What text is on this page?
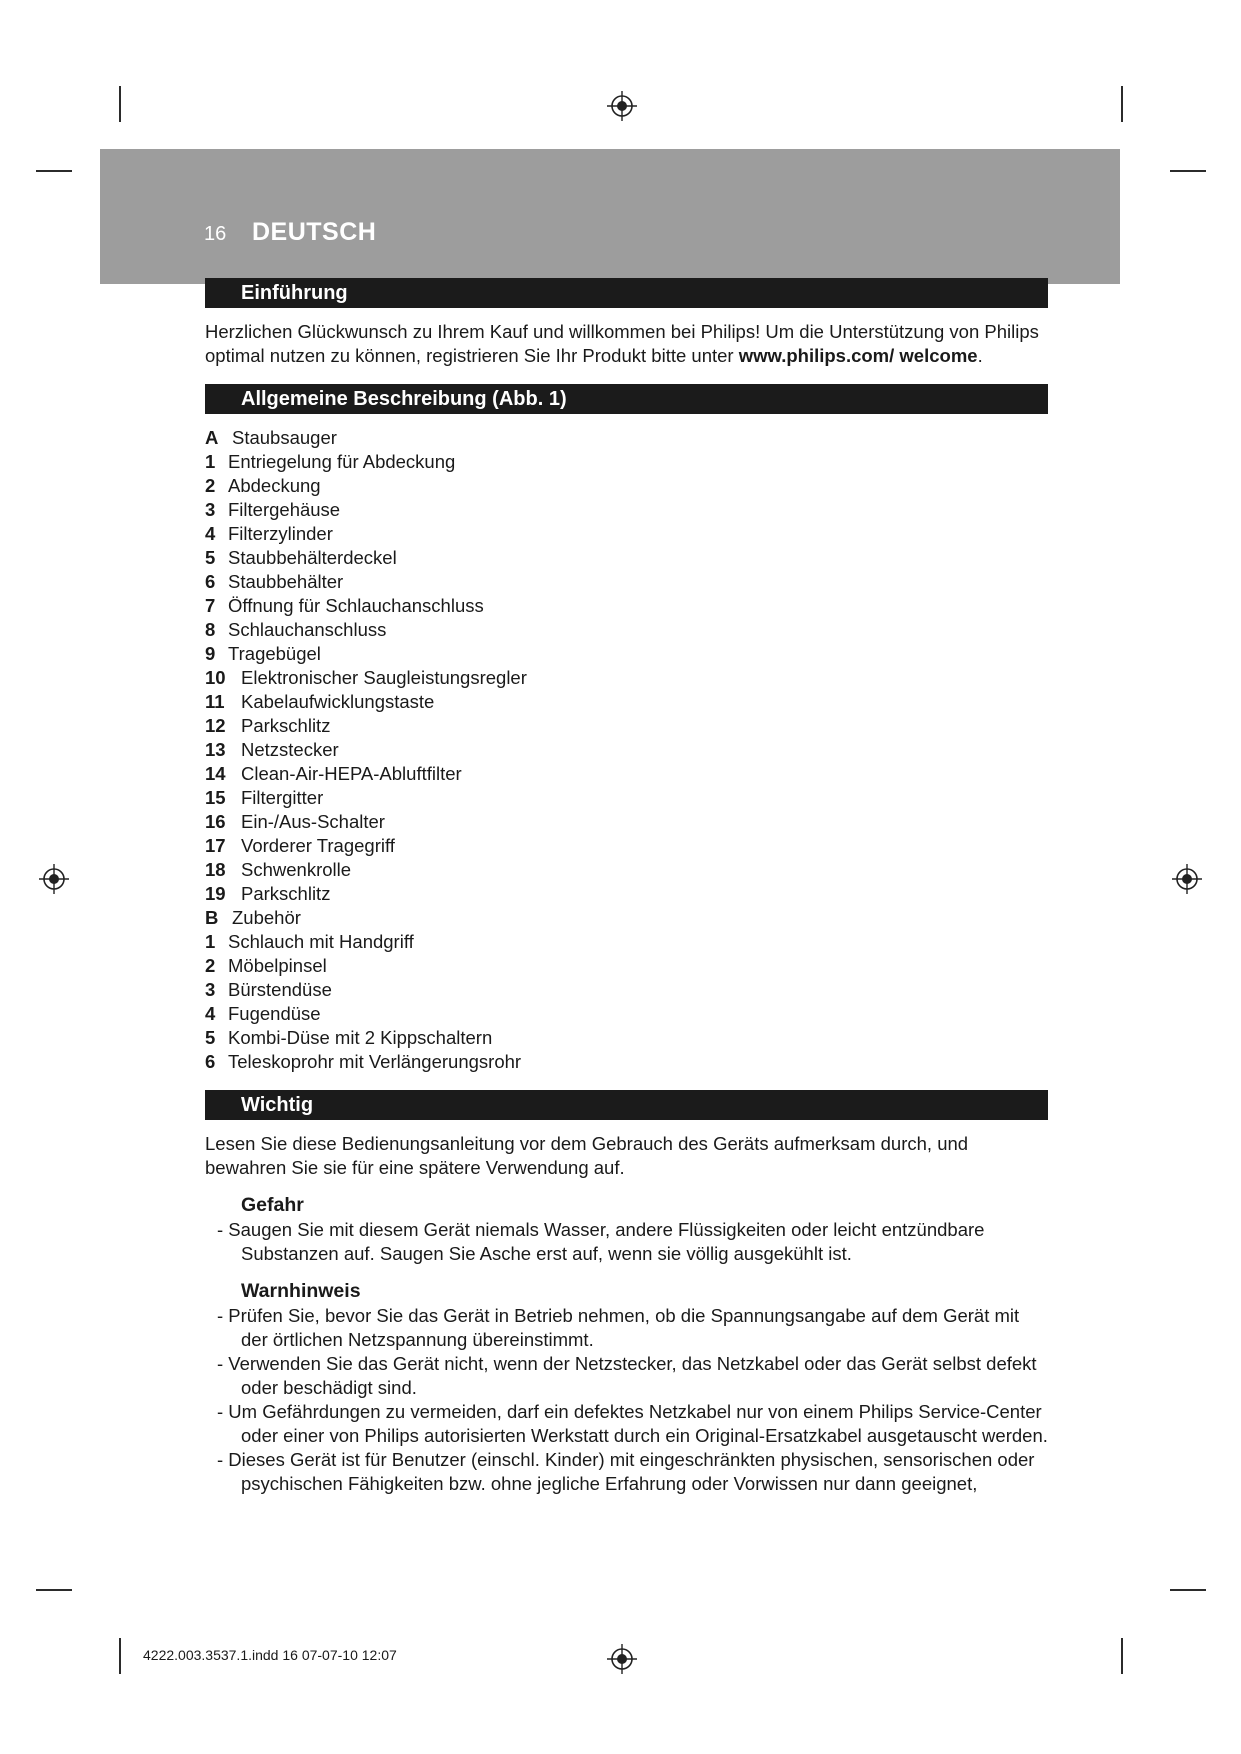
16 DEUTSCH
Einführung

Herzlichen Glückwunsch zu Ihrem Kauf und willkommen bei Philips! Um die Unterstützung von Philips optimal nutzen zu können, registrieren Sie Ihr Produkt bitte unter www.philips.com/ welcome.

Allgemeine Beschreibung (Abb. 1)
A Staubsauger
1 Entriegelung für Abdeckung
2 Abdeckung
3 Filtergehäuse
4 Filterzylinder
5 Staubbehälterdeckel
6 Staubbehälter
7 Öffnung für Schlauchanschluss
8 Schlauchanschluss
9 Tragebügel
10 Elektronischer Saugleistungsregler
11 Kabelaufwicklungstaste
12 Parkschlitz
13 Netzstecker
14 Clean-Air-HEPA-Abluftfilter
15 Filtergitter
16 Ein-/Aus-Schalter
17 Vorderer Tragegriff
18 Schwenkrolle
19 Parkschlitz
B Zubehör
1 Schlauch mit Handgriff
2 Möbelpinsel
3 Bürstendüse
4 Fugendüse
5 Kombi-Düse mit 2 Kippschaltern
6 Teleskoprohr mit Verlängerungsrohr
Wichtig

Lesen Sie diese Bedienungsanleitung vor dem Gebrauch des Geräts aufmerksam durch, und bewahren Sie sie für eine spätere Verwendung auf.

Gefahr
- Saugen Sie mit diesem Gerät niemals Wasser, andere Flüssigkeiten oder leicht entzündbare Substanzen auf. Saugen Sie Asche erst auf, wenn sie völlig ausgekühlt ist.
Warnhinweis
- Prüfen Sie, bevor Sie das Gerät in Betrieb nehmen, ob die Spannungsangabe auf dem Gerät mit der örtlichen Netzspannung übereinstimmt.
- Verwenden Sie das Gerät nicht, wenn der Netzstecker, das Netzkabel oder das Gerät selbst defekt oder beschädigt sind.
- Um Gefährdungen zu vermeiden, darf ein defektes Netzkabel nur von einem Philips Service-Center oder einer von Philips autorisierten Werkstatt durch ein Original-Ersatzkabel ausgetauscht werden.
- Dieses Gerät ist für Benutzer (einschl. Kinder) mit eingeschränkten physischen, sensorischen oder psychischen Fähigkeiten bzw. ohne jegliche Erfahrung oder Vorwissen nur dann geeignet,
4222.003.3537.1.indd 16 07-07-10 12:07
